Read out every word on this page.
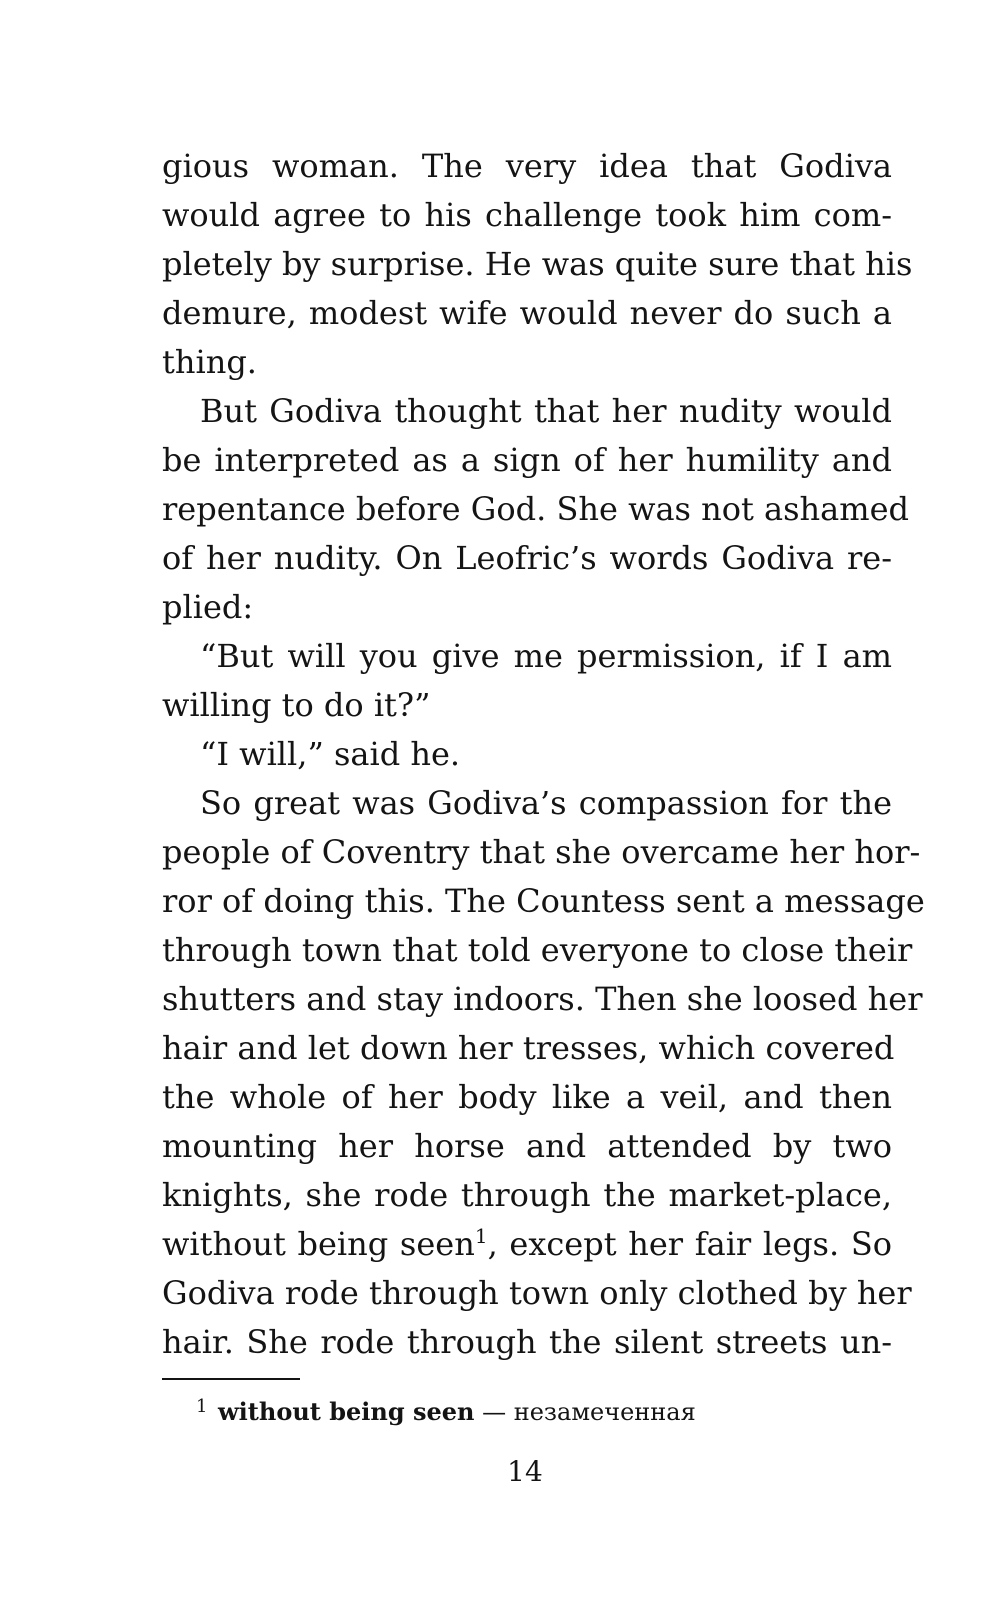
gious woman. The very idea that Godiva
would agree to his challenge took him com-
pletely by surprise. He was quite sure that his
demure, modest wife would never do such a
thing.
But Godiva thought that her nudity would
be interpreted as a sign of her humility and
repentance before God. She was not ashamed
of her nudity. On Leofric’s words Godiva re-
plied:
“But will you give me permission, if I am
willing to do it?”
“I will,” said he.
So great was Godiva’s compassion for the
people of Coventry that she overcame her hor-
ror of doing this. The Countess sent a message
through town that told everyone to close their
shutters and stay indoors. Then she loosed her
hair and let down her tresses, which covered
the whole of her body like a veil, and then
mounting her horse and attended by two
knights, she rode through the market-place,
without being seen$^1$, except her fair legs. So
Godiva rode through town only clothed by her
hair. She rode through the silent streets un-
1 without being seen — незамеченная
14
